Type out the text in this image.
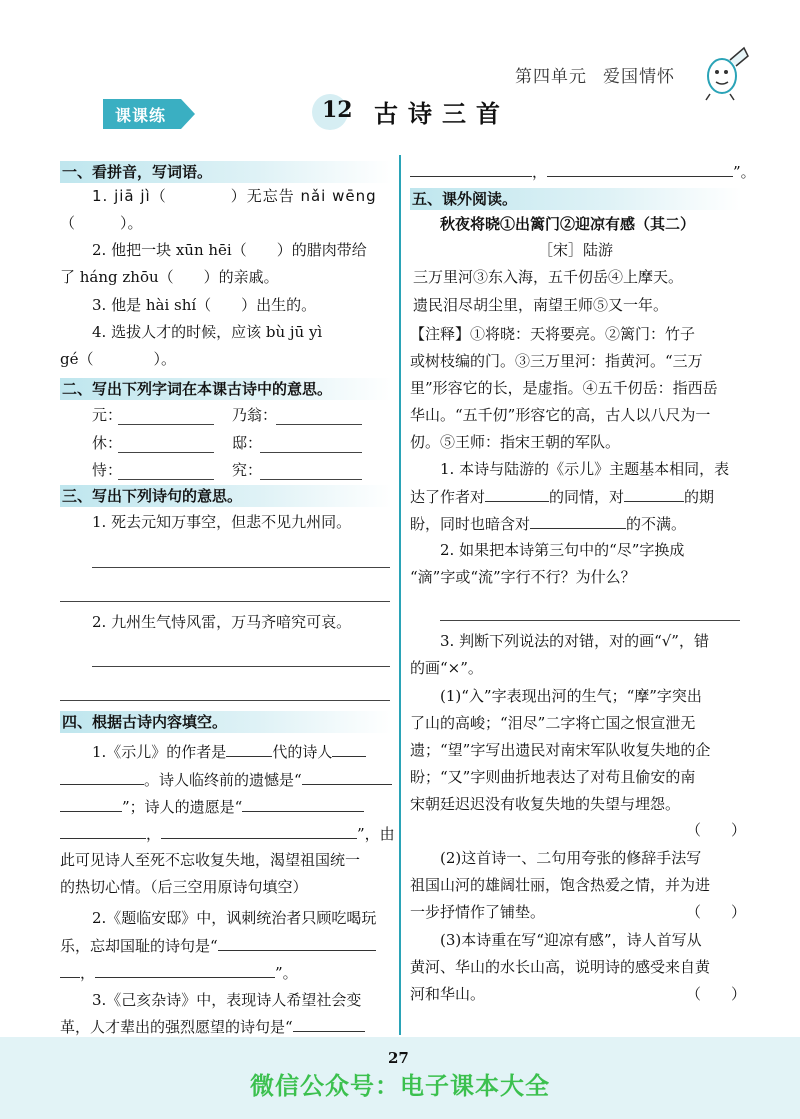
第四单元 爱国情怀
课课练	12 古诗三首
一、看拼音，写词语。
1. jiā jì（　　　　）无忘告 nǎi wēng
（　　　）。
2. 他把一块 xūn hēi（　　）的腊肉带给
了 háng zhōu（　　）的亲戚。
3. 他是 hài shí（　　）出生的。
4. 选拔人才的时候，应该 bù jū yì
gé（　　　　）。
二、写出下列字词在本课古诗中的意思。
元：	乃翁：
休：	邸：
恃：	究：
三、写出下列诗句的意思。
1. 死去元知万事空，但悲不见九州同。
2. 九州生气恃风雷，万马齐喑究可哀。
四、根据古诗内容填空。
1.《示儿》的作者是	代的诗人
。诗人临终前的遗憾是“
”；诗人的遗愿是“
，	”，由
此可见诗人至死不忘收复失地，渴望祖国统一
的热切心情。（后三空用原诗句填空）
2.《题临安邸》中，讽刺统治者只顾吃喝玩
乐，忘却国耻的诗句是“
，	”。
3.《己亥杂诗》中，表现诗人希望社会变
革，人才辈出的强烈愿望的诗句是“
，	”。
五、课外阅读。
秋夜将晓①出篱门②迎凉有感（其二）
［宋］陆游
三万里河③东入海，五千仞岳④上摩天。
遗民泪尽胡尘里，南望王师⑤又一年。
【注释】①将晓：天将要亮。②篱门：竹子
或树枝编的门。③三万里河：指黄河。“三万
里”形容它的长，是虚指。④五千仞岳：指西岳
华山。“五千仞”形容它的高，古人以八尺为一
仞。⑤王师：指宋王朝的军队。
1. 本诗与陆游的《示儿》主题基本相同，表
达了作者对	的同情，对	的期
盼，同时也暗含对	的不满。
2. 如果把本诗第三句中的“尽”字换成
“滴”字或“流”字行不行？为什么？
3. 判断下列说法的对错，对的画“√”，错
的画“×”。
(1)“入”字表现出河的生气；“摩”字突出
了山的高峻；“泪尽”二字将亡国之恨宣泄无
遗；“望”字写出遗民对南宋军队收复失地的企
盼；“又”字则曲折地表达了对苟且偷安的南
宋朝廷迟迟没有收复失地的失望与埋怨。
（　　）
(2)这首诗一、二句用夸张的修辞手法写
祖国山河的雄阔壮丽，饱含热爱之情，并为进
一步抒情作了铺垫。	（　　）
(3)本诗重在写“迎凉有感”，诗人首写从
黄河、华山的水长山高，说明诗的感受来自黄
河和华山。	（　　）
27
微信公众号：电子课本大全
